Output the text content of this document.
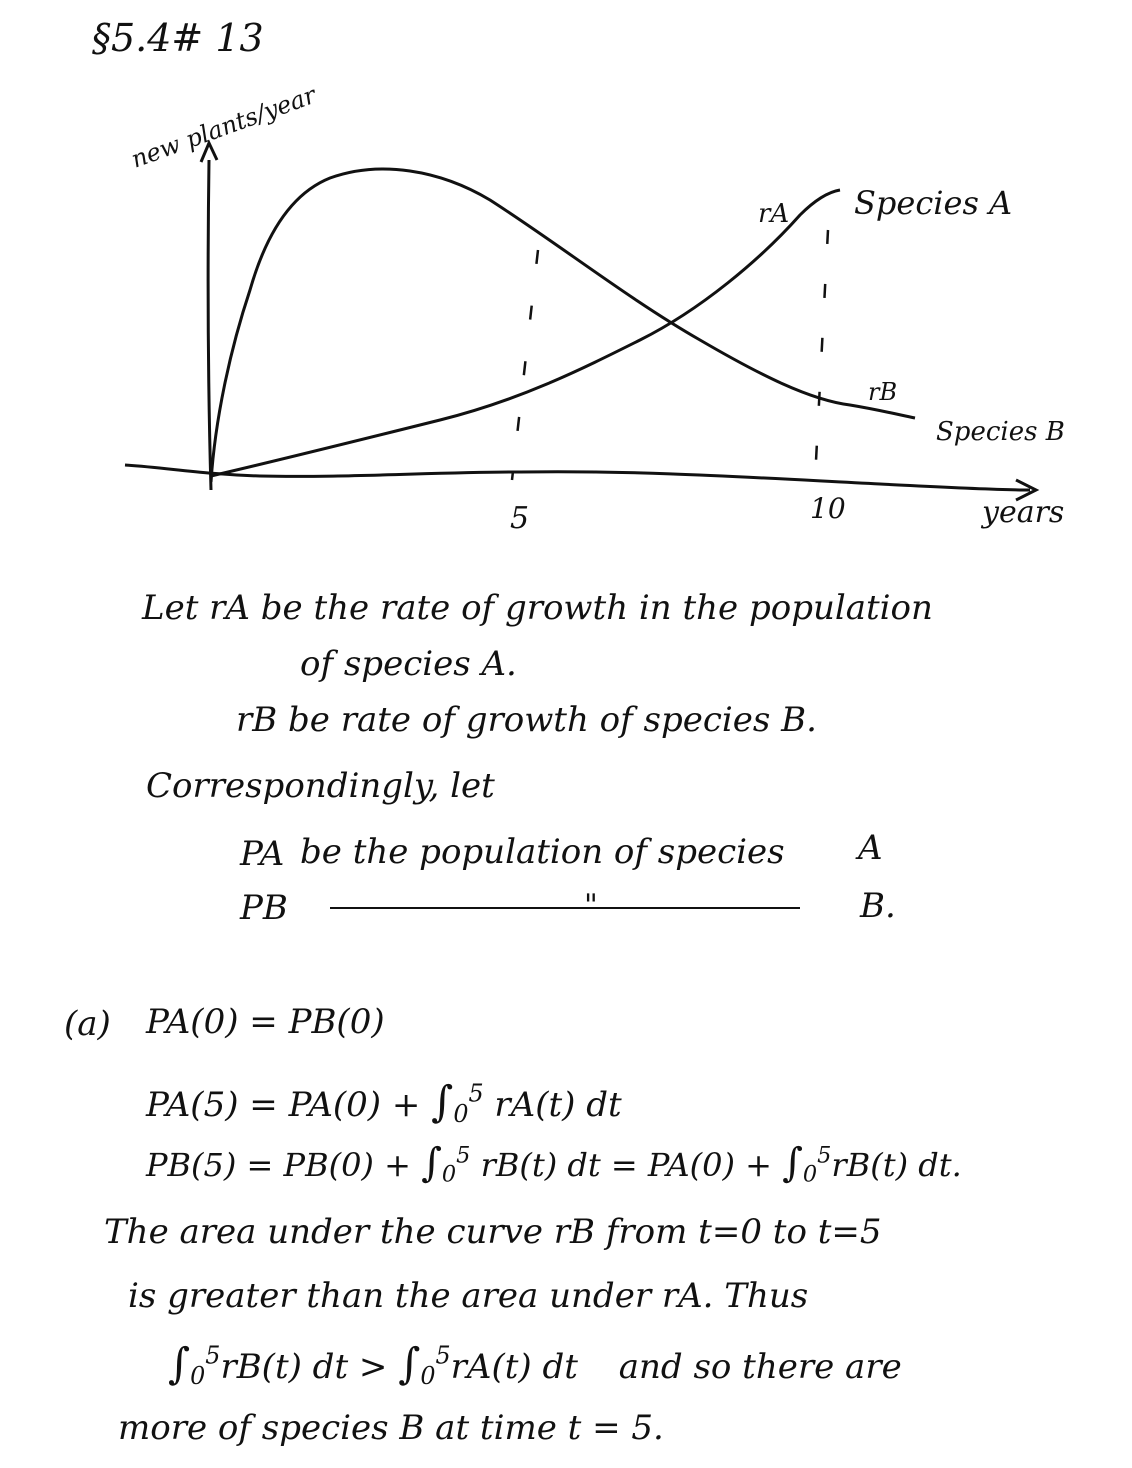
§5.4# 13
5	10
new plants/year
years
rA Species A
rB
Species B
Let rA be the rate of growth in the population
of species A.
rB be rate of growth of species B.
Correspondingly, let
PA be the population of species A
PB	"	B.
(a) PA(0) = PB(0)
$PA(5) = PA(0) + \int_0^5$ rA(t) dt
$PB(5) = PB(0) + \int_0^5$ rB(t) dt = $PA(0) + \int_0^5rB(t)$ dt.
The area under the curve rB from t=0 to t=5
is greater than the area under rA. Thus
$\int_0^5rB(t)$ dt > $\int_0^5rA(t)$ dt and so there are
more of species B at time t = 5.
